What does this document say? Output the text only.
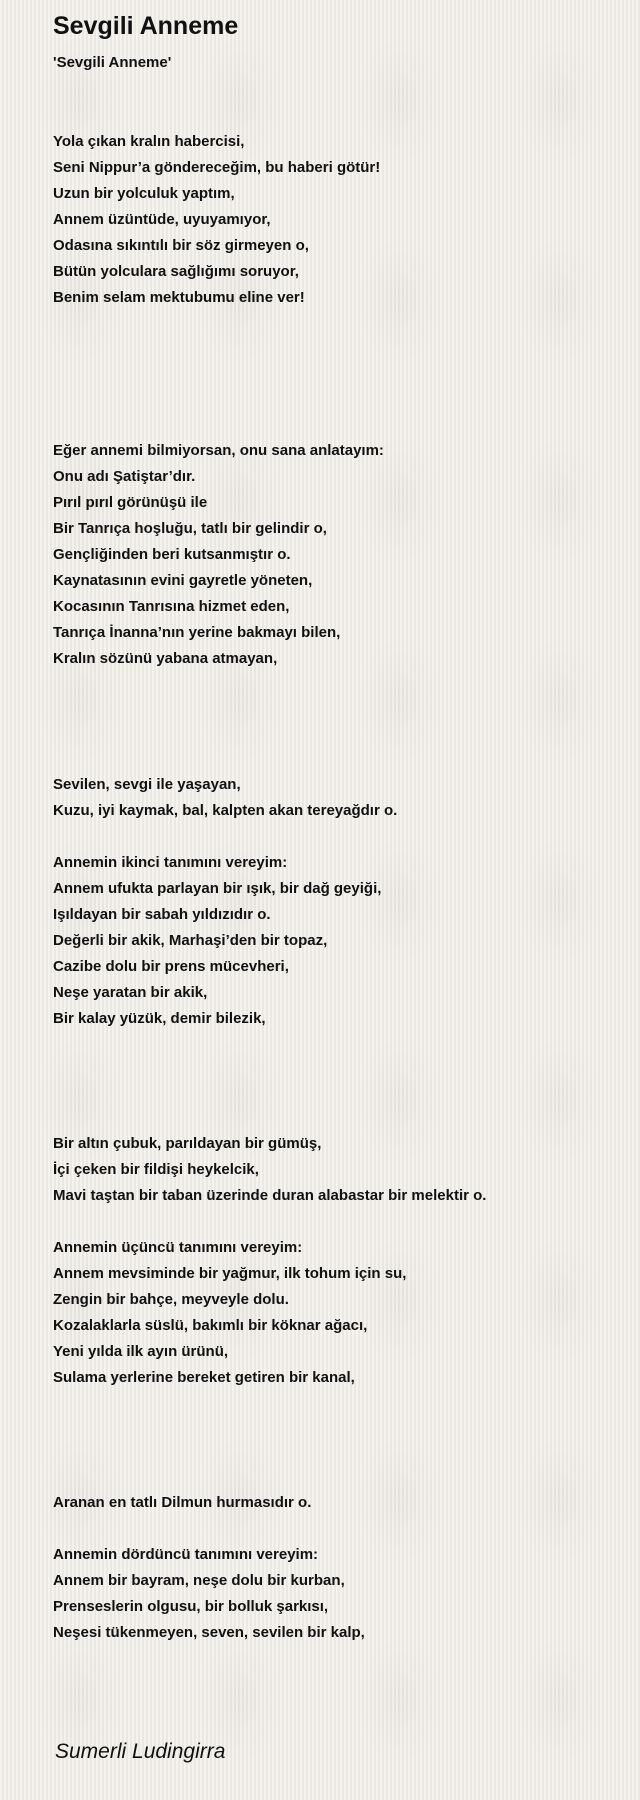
Sevgili Anneme
'Sevgili Anneme'
Yola çıkan kralın habercisi,
Seni Nippur’a göndereceğim, bu haberi götür!
Uzun bir yolculuk yaptım,
Annem üzüntüde, uyuyamıyor,
Odasına sıkıntılı bir söz girmeyen o,
Bütün yolculara sağlığımı soruyor,
Benim selam mektubumu eline ver!
Eğer annemi bilmiyorsan, onu sana anlatayım:
Onu adı Şatiştar’dır.
Pırıl pırıl görünüşü ile
Bir Tanrıça hoşluğu, tatlı bir gelindir o,
Gençliğinden beri kutsanmıştır o.
Kaynatasının evini gayretle yöneten,
Kocasının Tanrısına hizmet eden,
Tanrıça İnanna’nın yerine bakmayı bilen,
Kralın sözünü yabana atmayan,
Sevilen, sevgi ile yaşayan,
Kuzu, iyi kaymak, bal, kalpten akan tereyağdır o.
Annemin ikinci tanımını vereyim:
Annem ufukta parlayan bir ışık, bir dağ geyiği,
Işıldayan bir sabah yıldızıdır o.
Değerli bir akik, Marhaşi’den bir topaz,
Cazibe dolu bir prens mücevheri,
Neşe yaratan bir akik,
Bir kalay yüzük, demir bilezik,
Bir altın çubuk, parıldayan bir gümüş,
İçi çeken bir fildişi heykelcik,
Mavi taştan bir taban üzerinde duran alabastar bir melektir o.
Annemin üçüncü tanımını vereyim:
Annem mevsiminde bir yağmur, ilk tohum için su,
Zengin bir bahçe, meyveyle dolu.
Kozalaklarla süslü, bakımlı bir köknar ağacı,
Yeni yılda ilk ayın ürünü,
Sulama yerlerine bereket getiren bir kanal,
Aranan en tatlı Dilmun hurmasıdır o.
Annemin dördüncü tanımını vereyim:
Annem bir bayram, neşe dolu bir kurban,
Prenseslerin olgusu, bir bolluk şarkısı,
Neşesi tükenmeyen, seven, sevilen bir kalp,
Sumerli Ludingirra
